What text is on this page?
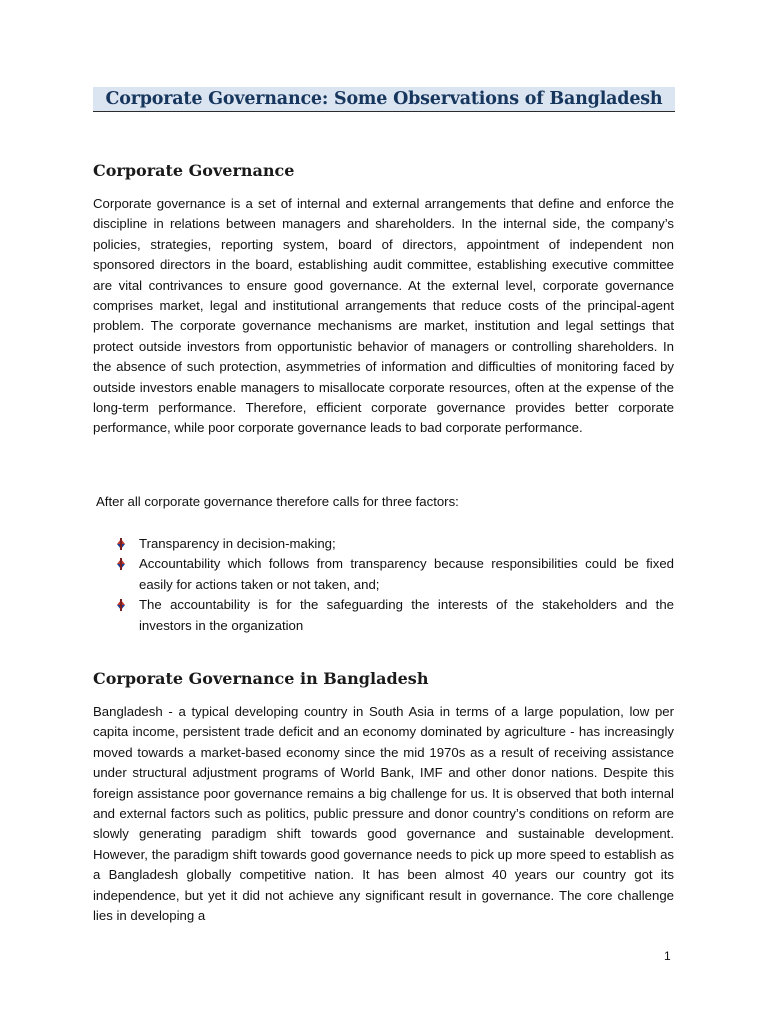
Corporate Governance: Some Observations of Bangladesh
Corporate Governance

Corporate governance is a set of internal and external arrangements that define and enforce the discipline in relations between managers and shareholders. In the internal side, the company’s policies, strategies, reporting system, board of directors, appointment of independent non sponsored directors in the board, establishing audit committee, establishing executive committee are vital contrivances to ensure good governance. At the external level, corporate governance comprises market, legal and institutional arrangements that reduce costs of the principal-agent problem. The corporate governance mechanisms are market, institution and legal settings that protect outside investors from opportunistic behavior of managers or controlling shareholders. In the absence of such protection, asymmetries of information and difficulties of monitoring faced by outside investors enable managers to misallocate corporate resources, often at the expense of the long-term performance. Therefore, efficient corporate governance provides better corporate performance, while poor corporate governance leads to bad corporate performance.

After all corporate governance therefore calls for three factors:

Transparency in decision-making;
Accountability which follows from transparency because responsibilities could be fixed easily for actions taken or not taken, and;
The accountability is for the safeguarding the interests of the stakeholders and the investors in the organization
Corporate Governance in Bangladesh

Bangladesh - a typical developing country in South Asia in terms of a large population, low per capita income, persistent trade deficit and an economy dominated by agriculture - has increasingly moved towards a market-based economy since the mid 1970s as a result of receiving assistance under structural adjustment programs of World Bank, IMF and other donor nations. Despite this foreign assistance poor governance remains a big challenge for us. It is observed that both internal and external factors such as politics, public pressure and donor country’s conditions on reform are slowly generating paradigm shift towards good governance and sustainable development. However, the paradigm shift towards good governance needs to pick up more speed to establish as a Bangladesh globally competitive nation. It has been almost 40 years our country got its independence, but yet it did not achieve any significant result in governance. The core challenge lies in developing a

1
